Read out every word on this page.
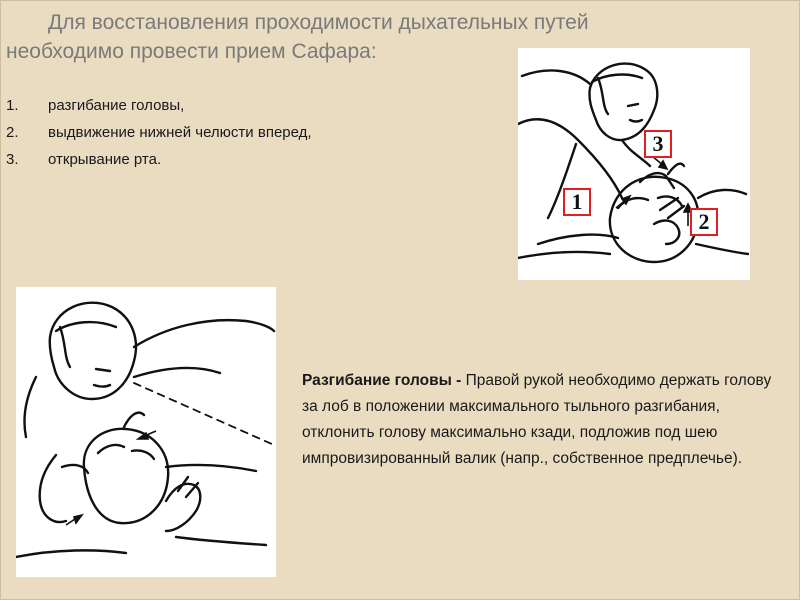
Для восстановления проходимости дыхательных путей
необходимо провести прием Сафара:
1. разгибание головы,
2. выдвижение нижней челюсти вперед,
3. открывание рта.
1
2
3

Разгибание головы - Правой рукой необходимо держать голову за лоб в положении максимального тыльного разгибания, отклонить голову максимально кзади, подложив под шею импровизированный валик (напр., собственное предплечье).
